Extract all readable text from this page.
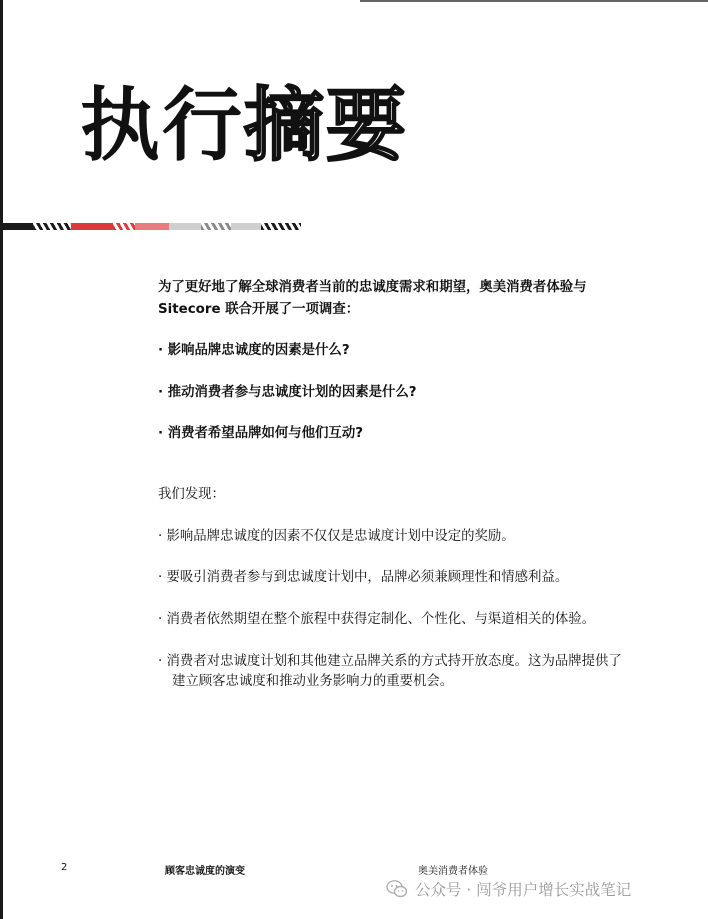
执行摘要

为了更好地了解全球消费者当前的忠诚度需求和期望，奥美消费者体验与 Sitecore 联合开展了一项调查：

· 影响品牌忠诚度的因素是什么?

· 推动消费者参与忠诚度计划的因素是什么?

· 消费者希望品牌如何与他们互动?

我们发现：

· 影响品牌忠诚度的因素不仅仅是忠诚度计划中设定的奖励。

· 要吸引消费者参与到忠诚度计划中，品牌必须兼顾理性和情感利益。

· 消费者依然期望在整个旅程中获得定制化、个性化、与渠道相关的体验。

· 消费者对忠诚度计划和其他建立品牌关系的方式持开放态度。这为品牌提供了建立顾客忠诚度和推动业务影响力的重要机会。

2	顾客忠诚度的演变	奥美消费者体验

公众号 · 闯爷用户增长实战笔记
